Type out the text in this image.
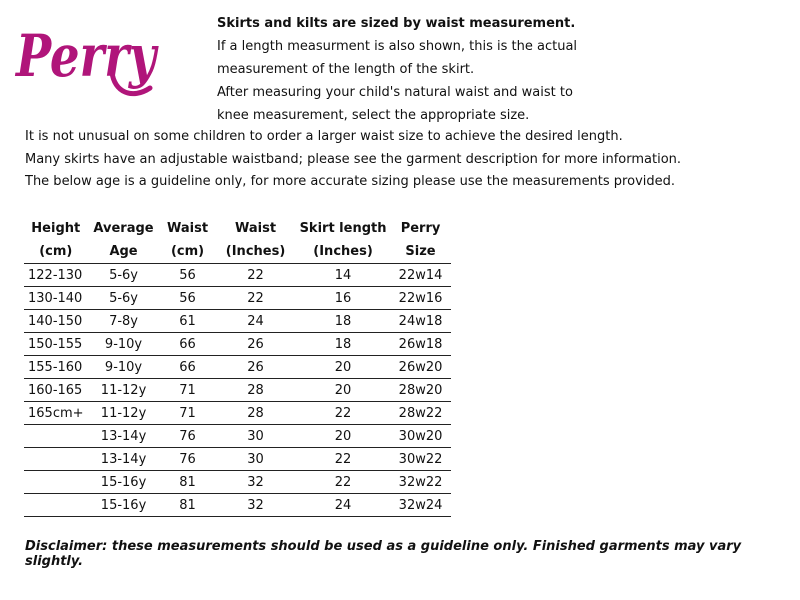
Perry	Skirts and kilts are sized by waist measurement.
If a length measurment is also shown, this is the actual
measurement of the length of the skirt.
After measuring your child's natural waist and waist to
knee measurement, select the appropriate size.
It is not unusual on some children to order a larger waist size to achieve the desired length.
Many skirts have an adjustable waistband; please see the garment description for more information.
The below age is a guideline only, for more accurate sizing please use the measurements provided.
Height	Average	Waist	Waist	Skirt length	Perry
(cm)	Age	(cm)	(Inches)	(Inches)	Size
122-130	5-6y	56	22	14	22w14
130-140	5-6y	56	22	16	22w16
140-150	7-8y	61	24	18	24w18
150-155	9-10y	66	26	18	26w18
155-160	9-10y	66	26	20	26w20
160-165	11-12y	71	28	20	28w20
165cm+	11-12y	71	28	22	28w22
	13-14y	76	30	20	30w20
	13-14y	76	30	22	30w22
	15-16y	81	32	22	32w22
	15-16y	81	32	24	32w24
Disclaimer: these measurements should be used as a guideline only. Finished garments may vary slightly.
